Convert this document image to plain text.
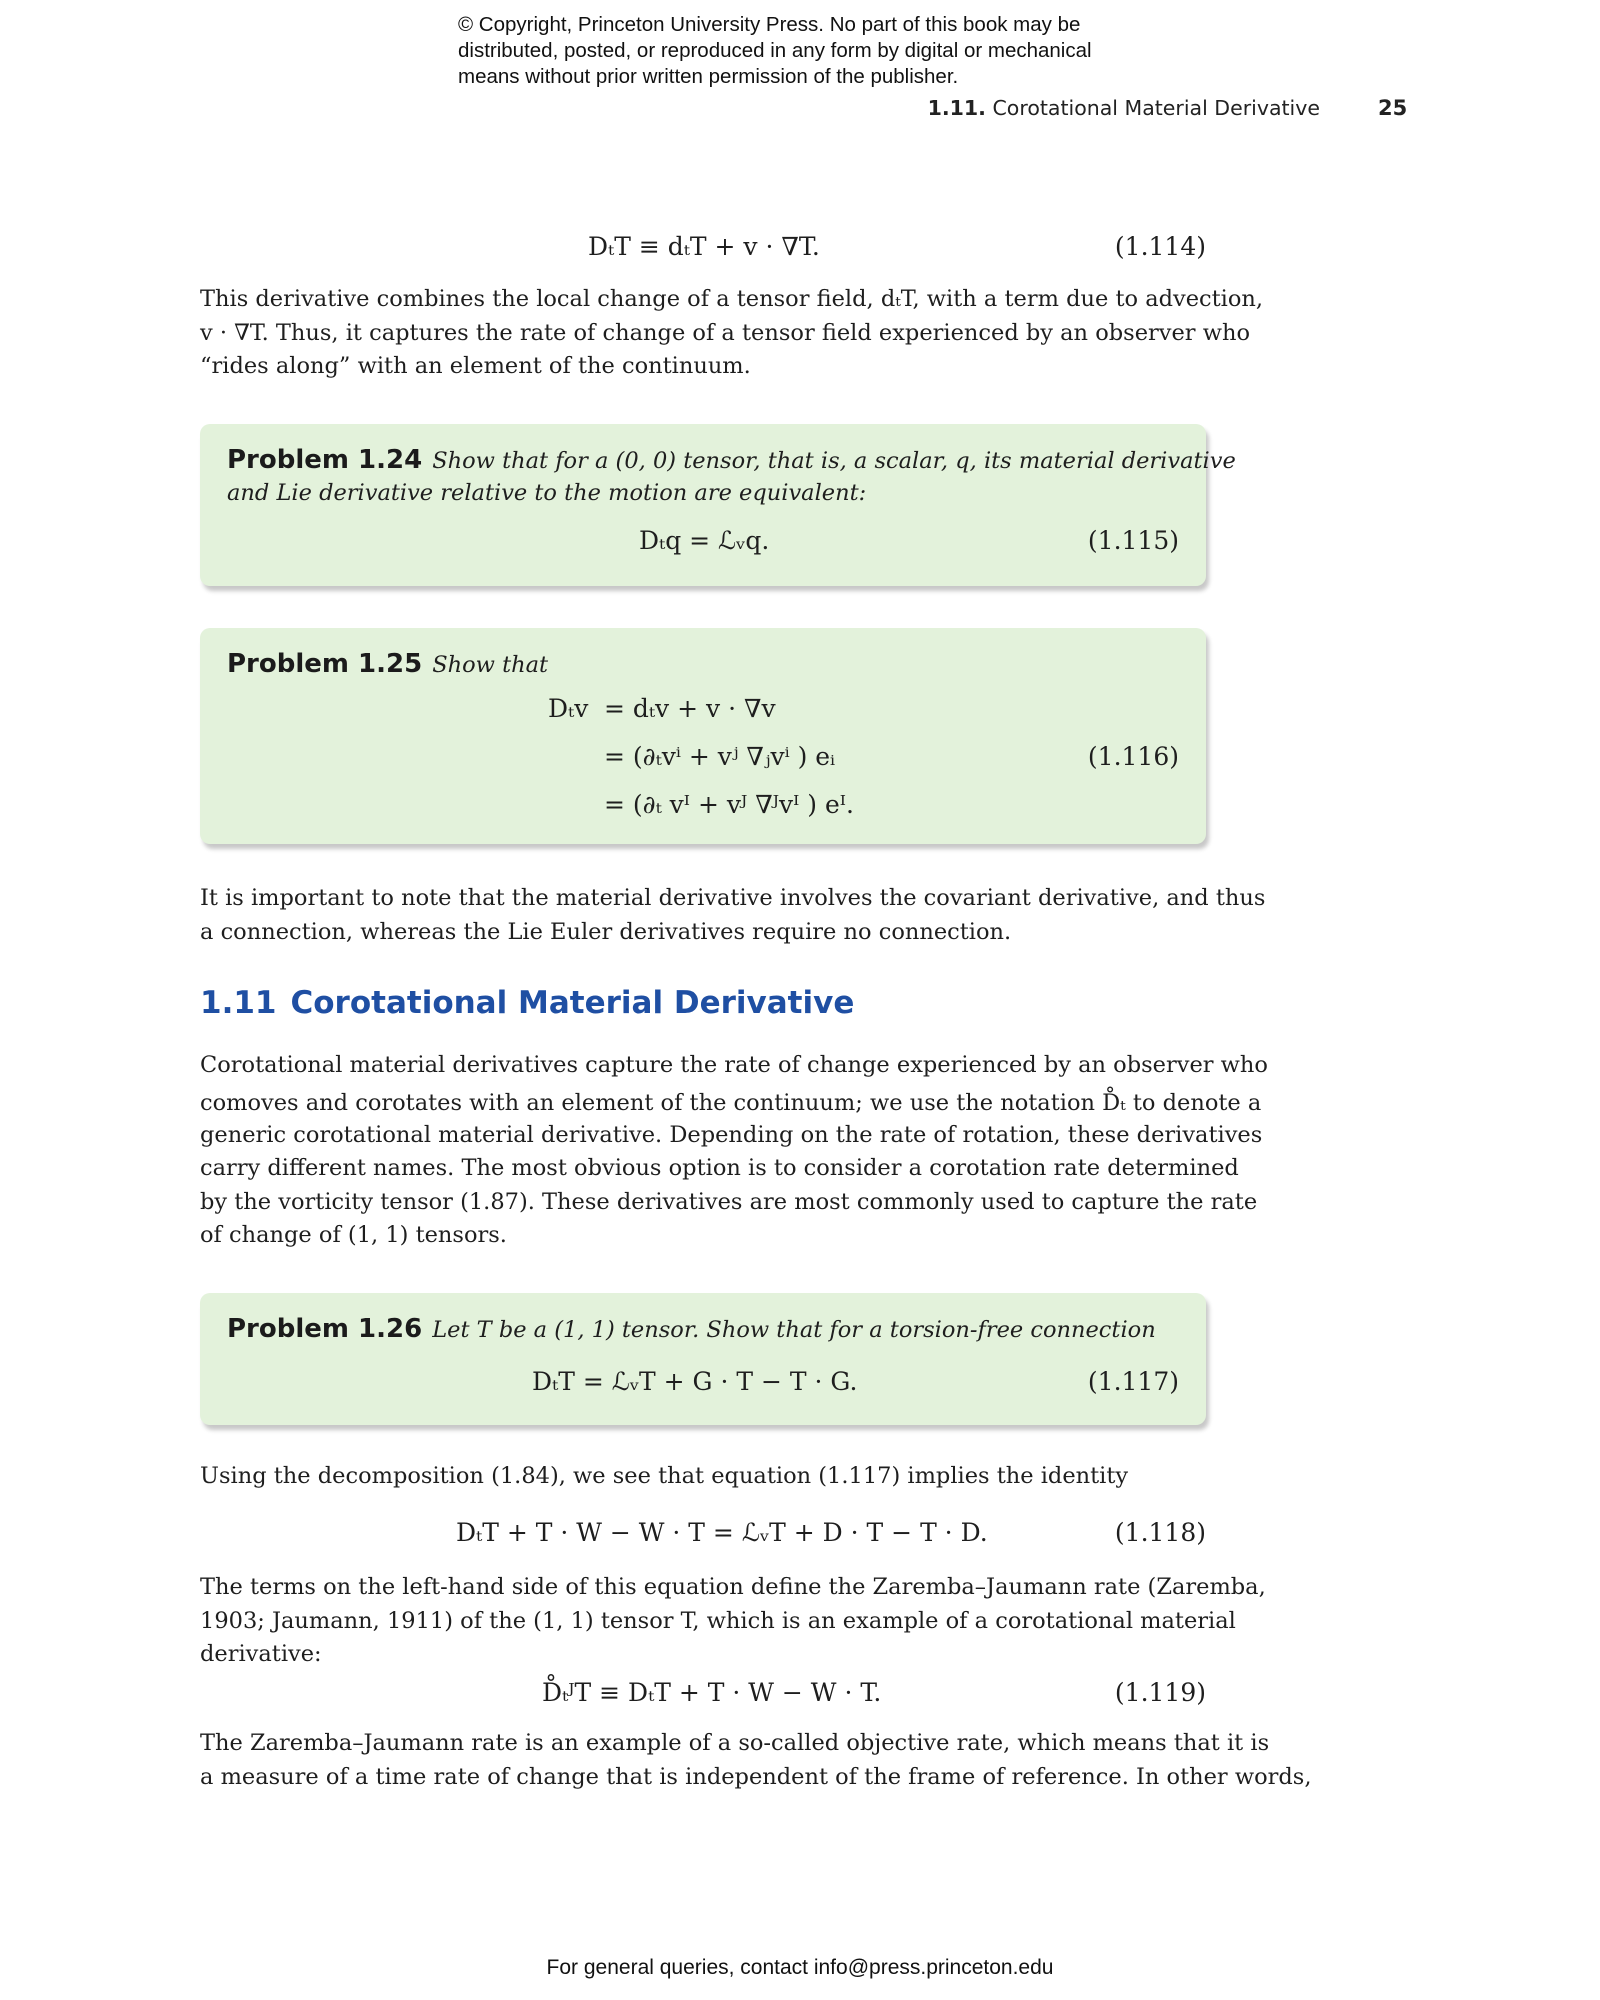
© Copyright, Princeton University Press. No part of this book may be
distributed, posted, or reproduced in any form by digital or mechanical
means without prior written permission of the publisher.
1.11. Corotational Material Derivative	25
DₜT ≡ dₜT + v · ∇T.	(1.114)
This derivative combines the local change of a tensor field, dₜT, with a term due to advection,
v · ∇T. Thus, it captures the rate of change of a tensor field experienced by an observer who
“rides along” with an element of the continuum.
Problem 1.24 Show that for a (0, 0) tensor, that is, a scalar, q, its material derivative
and Lie derivative relative to the motion are equivalent:
Dₜq = ℒᵥq.	(1.115)
Problem 1.25 Show that
Dₜv = dₜv + v · ∇v
= (∂ₜvⁱ + vʲ ∇ⱼvⁱ ) eᵢ
= (∂ₜ vᴵ + vᴶ ∇ᴶvᴵ ) eᴵ.
(1.116)
It is important to note that the material derivative involves the covariant derivative, and thus
a connection, whereas the Lie Euler derivatives require no connection.
1.11 Corotational Material Derivative
Corotational material derivatives capture the rate of change experienced by an observer who
comoves and corotates with an element of the continuum; we use the notation D̊ₜ to denote a
generic corotational material derivative. Depending on the rate of rotation, these derivatives
carry different names. The most obvious option is to consider a corotation rate determined
by the vorticity tensor (1.87). These derivatives are most commonly used to capture the rate
of change of (1, 1) tensors.
Problem 1.26 Let T be a (1, 1) tensor. Show that for a torsion-free connection
DₜT = ℒᵥT + G · T − T · G.	(1.117)
Using the decomposition (1.84), we see that equation (1.117) implies the identity
DₜT + T · W − W · T = ℒᵥT + D · T − T · D.	(1.118)
The terms on the left-hand side of this equation define the Zaremba–Jaumann rate (Zaremba,
1903; Jaumann, 1911) of the (1, 1) tensor T, which is an example of a corotational material
derivative:
D̊ₜᴶT ≡ DₜT + T · W − W · T.	(1.119)
The Zaremba–Jaumann rate is an example of a so-called objective rate, which means that it is
a measure of a time rate of change that is independent of the frame of reference. In other words,
For general queries, contact info@press.princeton.edu
